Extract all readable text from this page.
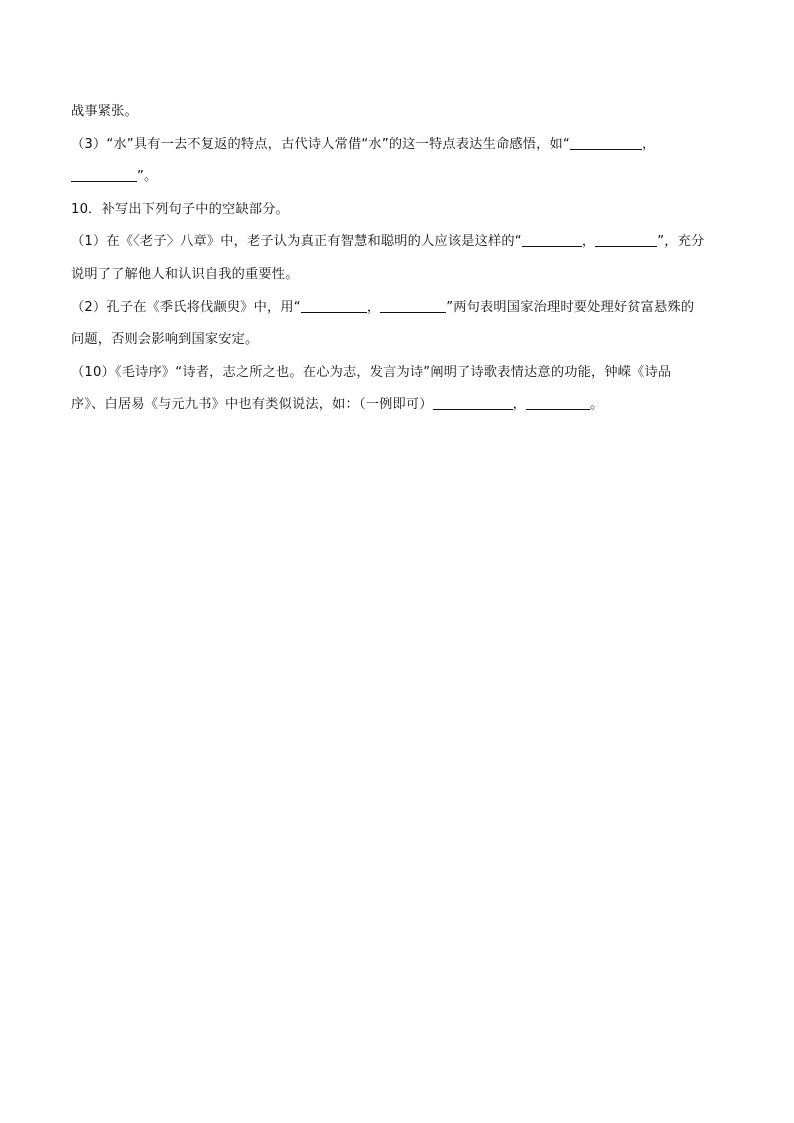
战事紧张。
（3）“水”具有一去不复返的特点，古代诗人常借“水”的这一特点表达生命感悟，如“	，
”。
10．补写出下列句子中的空缺部分。
（1）在《〈老子〉八章》中，老子认为真正有智慧和聪明的人应该是这样的“	，	”，充分
说明了了解他人和认识自我的重要性。
（2）孔子在《季氏将伐颛臾》中，用“	，	”两句表明国家治理时要处理好贫富悬殊的
问题，否则会影响到国家安定。
（10）《毛诗序》“诗者，志之所之也。在心为志，发言为诗”阐明了诗歌表情达意的功能，钟嵘《诗品
序》、白居易《与元九书》中也有类似说法，如：（一例即可）	，	。
